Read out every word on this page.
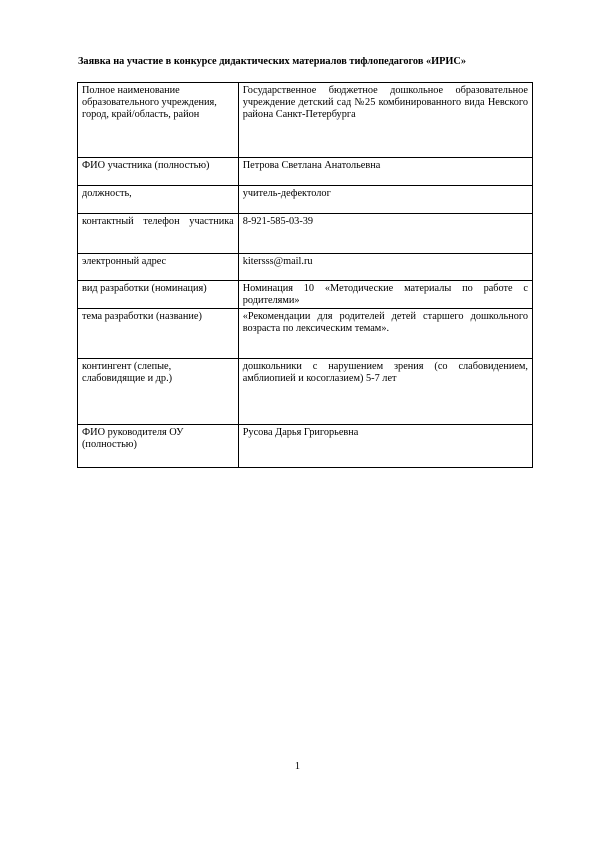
Заявка на участие в конкурсе дидактических материалов тифлопедагогов «ИРИС»
Полное наименование образовательного учреждения, город, край/область, район	Государственное бюджетное дошкольное образовательное учреждение детский сад №25 комбинированного вида Невского района Санкт-Петербурга
ФИО участника (полностью)	Петрова Светлана Анатольевна
должность,	учитель-дефектолог
контактный телефон участника	8-921-585-03-39
электронный адрес	kitersss@mail.ru
вид разработки (номинация)	Номинация 10 «Методические материалы по работе с родителями»
тема разработки (название)	«Рекомендации для родителей детей старшего дошкольного возраста по лексическим темам».
контингент (слепые, слабовидящие и др.)	дошкольники с нарушением зрения (со слабовидением, амблиопией и косоглазием) 5-7 лет
ФИО руководителя ОУ (полностью)	Русова Дарья Григорьевна
1
